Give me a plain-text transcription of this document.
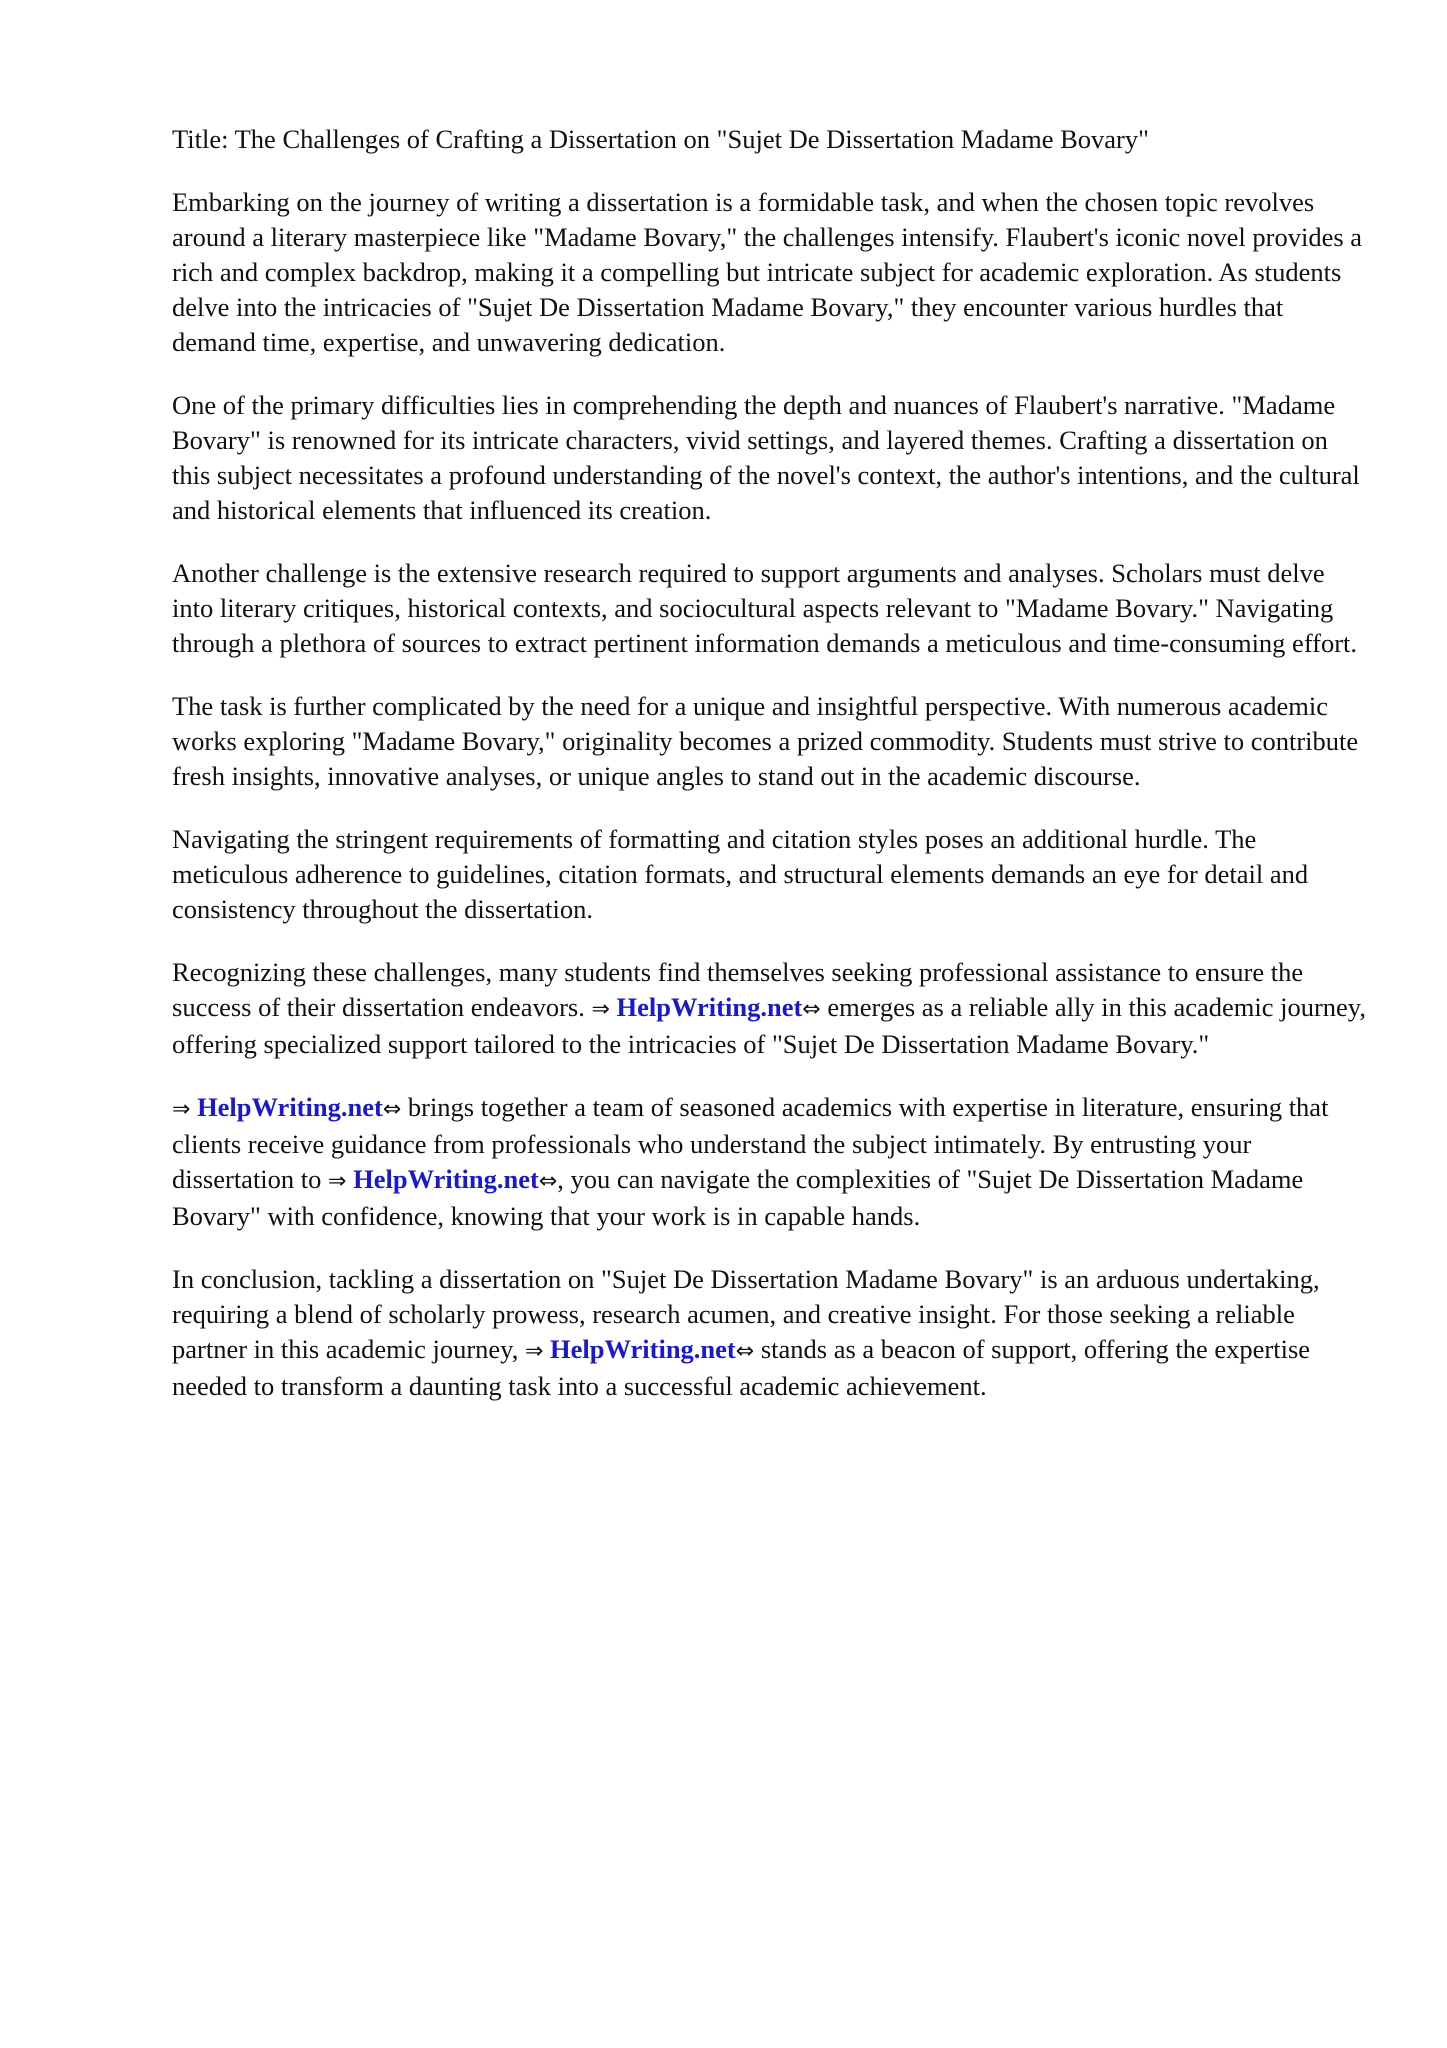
Title: The Challenges of Crafting a Dissertation on "Sujet De Dissertation Madame Bovary"

Embarking on the journey of writing a dissertation is a formidable task, and when the chosen topic revolves around a literary masterpiece like "Madame Bovary," the challenges intensify. Flaubert's iconic novel provides a rich and complex backdrop, making it a compelling but intricate subject for academic exploration. As students delve into the intricacies of "Sujet De Dissertation Madame Bovary," they encounter various hurdles that demand time, expertise, and unwavering dedication.

One of the primary difficulties lies in comprehending the depth and nuances of Flaubert's narrative. "Madame Bovary" is renowned for its intricate characters, vivid settings, and layered themes. Crafting a dissertation on this subject necessitates a profound understanding of the novel's context, the author's intentions, and the cultural and historical elements that influenced its creation.

Another challenge is the extensive research required to support arguments and analyses. Scholars must delve into literary critiques, historical contexts, and sociocultural aspects relevant to "Madame Bovary." Navigating through a plethora of sources to extract pertinent information demands a meticulous and time-consuming effort.

The task is further complicated by the need for a unique and insightful perspective. With numerous academic works exploring "Madame Bovary," originality becomes a prized commodity. Students must strive to contribute fresh insights, innovative analyses, or unique angles to stand out in the academic discourse.

Navigating the stringent requirements of formatting and citation styles poses an additional hurdle. The meticulous adherence to guidelines, citation formats, and structural elements demands an eye for detail and consistency throughout the dissertation.

Recognizing these challenges, many students find themselves seeking professional assistance to ensure the success of their dissertation endeavors. ⇒ HelpWriting.net⇔ emerges as a reliable ally in this academic journey, offering specialized support tailored to the intricacies of "Sujet De Dissertation Madame Bovary."

⇒ HelpWriting.net⇔ brings together a team of seasoned academics with expertise in literature, ensuring that clients receive guidance from professionals who understand the subject intimately. By entrusting your dissertation to ⇒ HelpWriting.net⇔, you can navigate the complexities of "Sujet De Dissertation Madame Bovary" with confidence, knowing that your work is in capable hands.

In conclusion, tackling a dissertation on "Sujet De Dissertation Madame Bovary" is an arduous undertaking, requiring a blend of scholarly prowess, research acumen, and creative insight. For those seeking a reliable partner in this academic journey, ⇒ HelpWriting.net⇔ stands as a beacon of support, offering the expertise needed to transform a daunting task into a successful academic achievement.
